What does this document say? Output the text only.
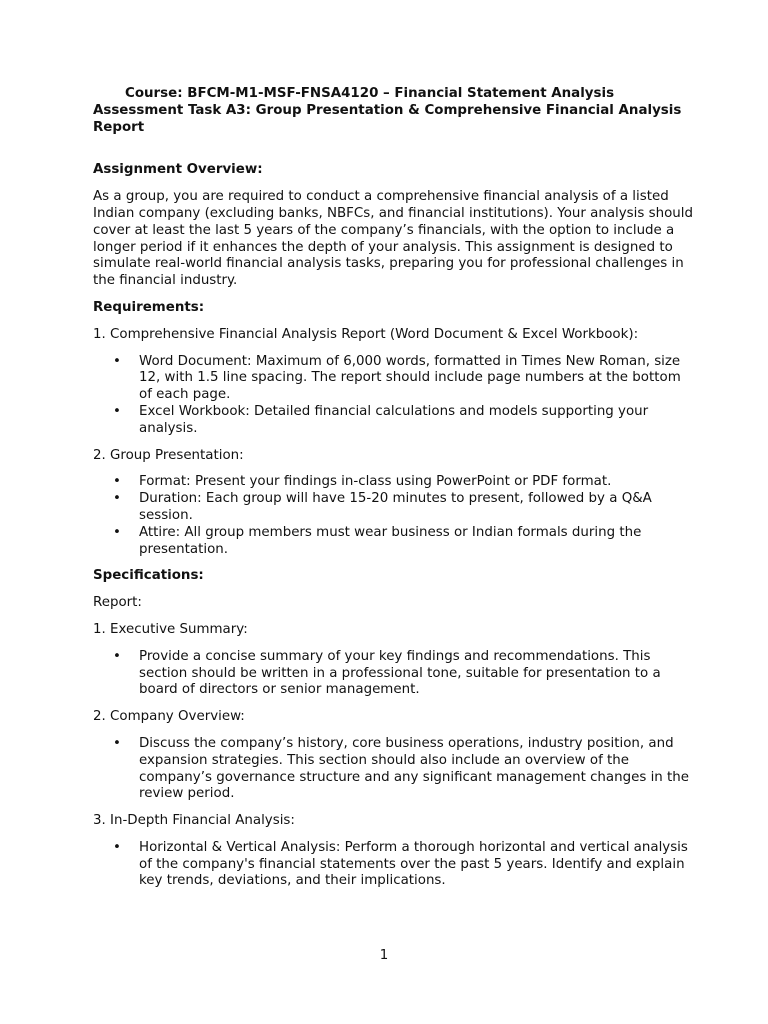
Course: BFCM-M1-MSF-FNSA4120 – Financial Statement Analysis
Assessment Task A3: Group Presentation & Comprehensive Financial Analysis Report

Assignment Overview:

As a group, you are required to conduct a comprehensive financial analysis of a listed Indian company (excluding banks, NBFCs, and financial institutions). Your analysis should cover at least the last 5 years of the company’s financials, with the option to include a longer period if it enhances the depth of your analysis. This assignment is designed to simulate real-world financial analysis tasks, preparing you for professional challenges in the financial industry.

Requirements:

1. Comprehensive Financial Analysis Report (Word Document & Excel Workbook):

• Word Document: Maximum of 6,000 words, formatted in Times New Roman, size 12, with 1.5 line spacing. The report should include page numbers at the bottom of each page.
• Excel Workbook: Detailed financial calculations and models supporting your analysis.

2. Group Presentation:

• Format: Present your findings in-class using PowerPoint or PDF format.
• Duration: Each group will have 15-20 minutes to present, followed by a Q&A session.
• Attire: All group members must wear business or Indian formals during the presentation.

Specifications:

Report:

1. Executive Summary:

• Provide a concise summary of your key findings and recommendations. This section should be written in a professional tone, suitable for presentation to a board of directors or senior management.

2. Company Overview:

• Discuss the company’s history, core business operations, industry position, and expansion strategies. This section should also include an overview of the company’s governance structure and any significant management changes in the review period.

3. In-Depth Financial Analysis:

• Horizontal & Vertical Analysis: Perform a thorough horizontal and vertical analysis of the company's financial statements over the past 5 years. Identify and explain key trends, deviations, and their implications.
1
